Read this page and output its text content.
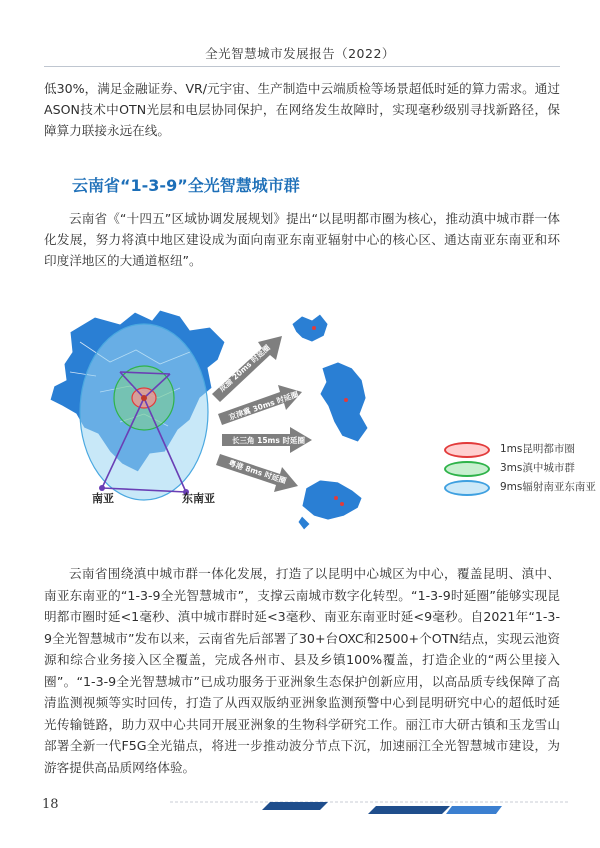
全光智慧城市发展报告（2022）

低30%，满足金融证券、VR/元宇宙、生产制造中云端质检等场景超低时延的算力需求。通过ASON技术中OTN光层和电层协同保护，在网络发生故障时，实现毫秒级别寻找新路径，保障算力联接永远在线。

云南省“1-3-9”全光智慧城市群

云南省《“十四五”区域协调发展规划》提出“以昆明都市圈为核心，推动滇中城市群一体化发展，努力将滇中地区建设成为面向南亚东南亚辐射中心的核心区、通达南亚东南亚和环印度洋地区的大通道枢纽”。

成渝 20ms 时延圈
京津冀 30ms 时延圈
长三角 15ms 时延圈
粤港 8ms 时延圈
南亚	东南亚
1ms昆明都市圈
3ms滇中城市群
9ms辐射南亚东南亚

云南省围绕滇中城市群一体化发展，打造了以昆明中心城区为中心，覆盖昆明、滇中、南亚东南亚的“1-3-9全光智慧城市”，支撑云南城市数字化转型。“1-3-9时延圈”能够实现昆明都市圈时延<1毫秒、滇中城市群时延<3毫秒、南亚东南亚时延<9毫秒。自2021年“1-3-9全光智慧城市”发布以来，云南省先后部署了30+台OXC和2500+个OTN结点，实现云池资源和综合业务接入区全覆盖，完成各州市、县及乡镇100%覆盖，打造企业的“两公里接入圈”。“1-3-9全光智慧城市”已成功服务于亚洲象生态保护创新应用，以高品质专线保障了高清监测视频等实时回传，打造了从西双版纳亚洲象监测预警中心到昆明研究中心的超低时延光传输链路，助力双中心共同开展亚洲象的生物科学研究工作。丽江市大研古镇和玉龙雪山部署全新一代F5G全光锚点，将进一步推动波分节点下沉，加速丽江全光智慧城市建设，为游客提供高品质网络体验。

18
